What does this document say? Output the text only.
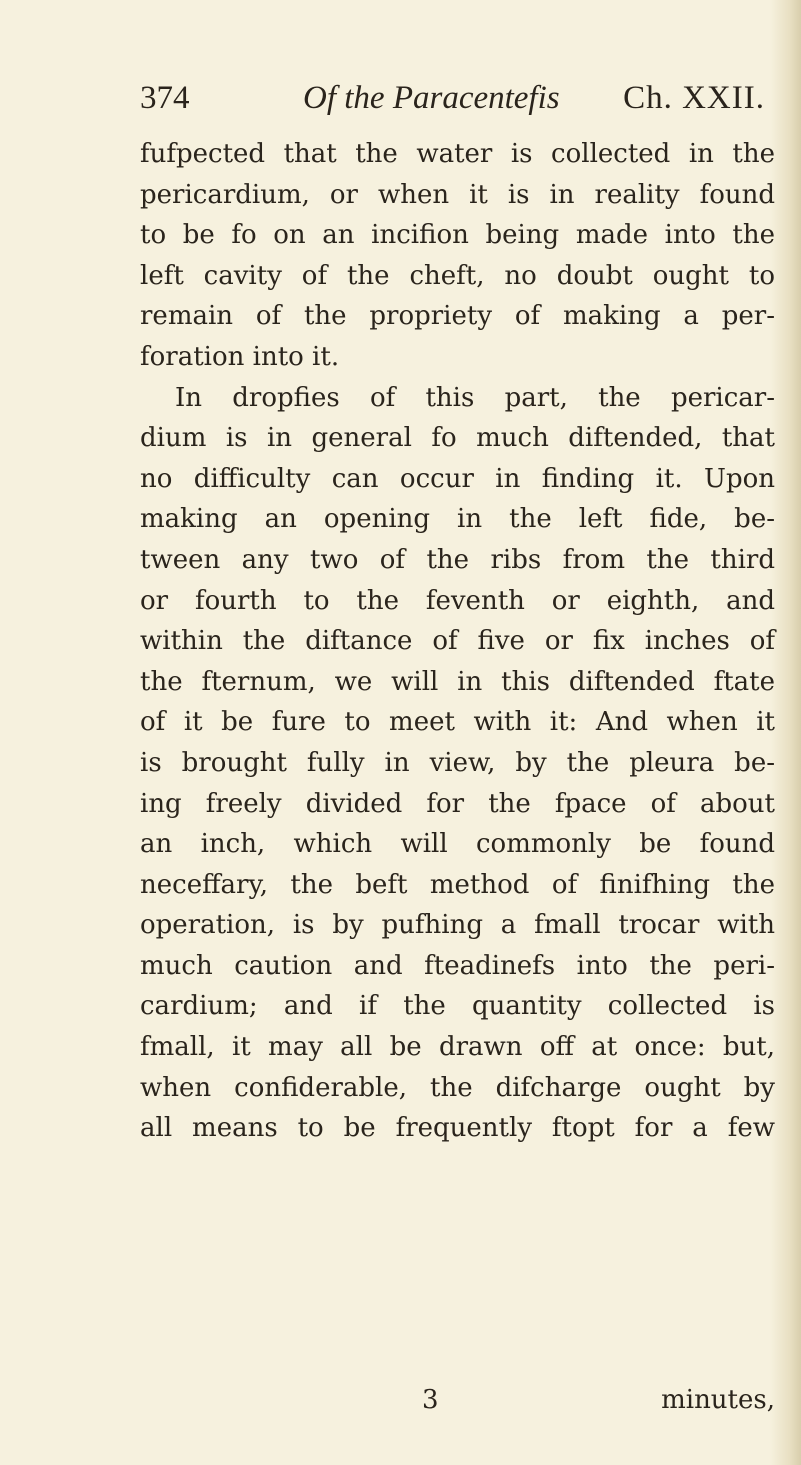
374	Of the Paracentefis Ch. XXII.
fufpected that the water is collected in the
pericardium, or when it is in reality found
to be fo on an incifion being made into the
left cavity of the cheft, no doubt ought to
remain of the propriety of making a per-
foration into it.
In dropfies of this part, the pericar-
dium is in general fo much diftended, that
no difficulty can occur in finding it. Upon
making an opening in the left fide, be-
tween any two of the ribs from the third
or fourth to the feventh or eighth, and
within the diftance of five or fix inches of
the fternum, we will in this diftended ftate
of it be fure to meet with it: And when it
is brought fully in view, by the pleura be-
ing freely divided for the fpace of about
an inch, which will commonly be found
neceffary, the beft method of finifhing the
operation, is by pufhing a fmall trocar with
much caution and fteadinefs into the peri-
cardium; and if the quantity collected is
fmall, it may all be drawn off at once: but,
when confiderable, the difcharge ought by
all means to be frequently ftopt for a few
3	minutes,
